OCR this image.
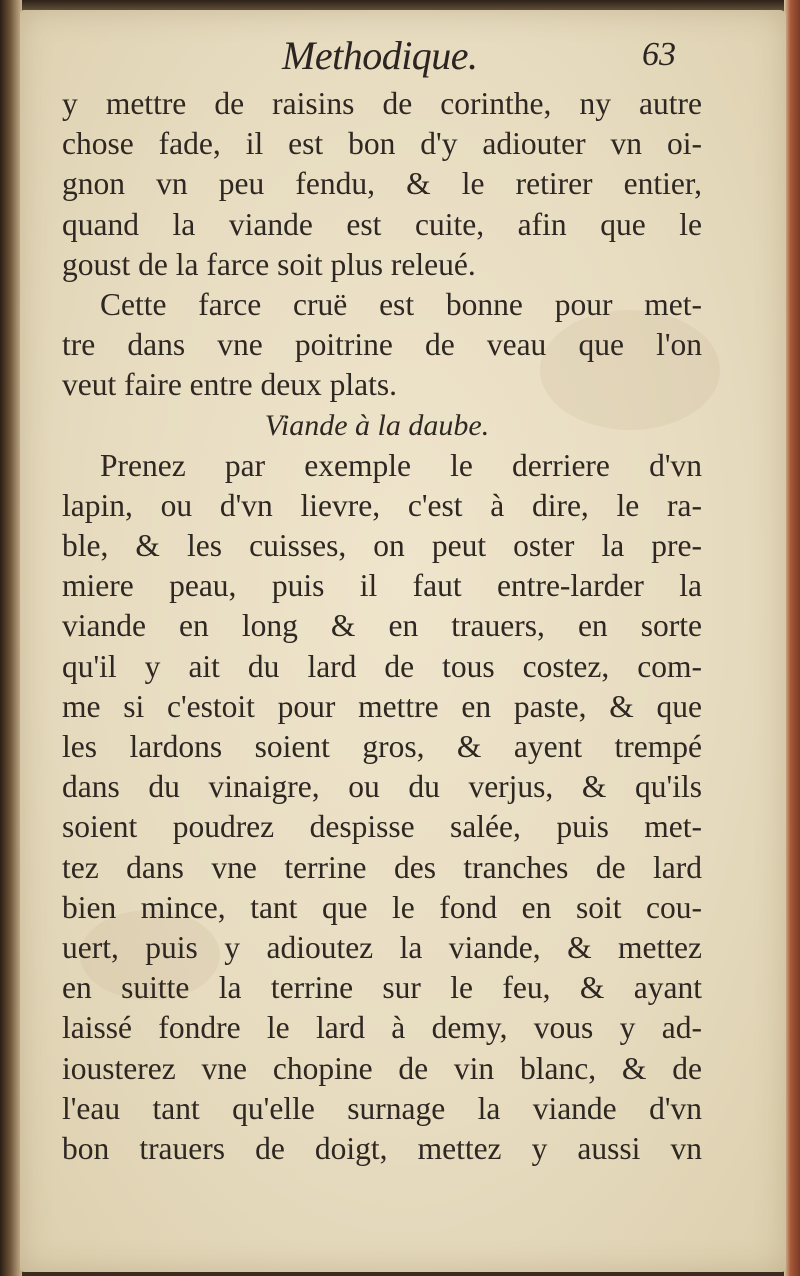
Methodique.	63
y mettre de raisins de corinthe, ny autre
chose fade, il est bon d'y adiouter vn oi-
gnon vn peu fendu, & le retirer entier,
quand la viande est cuite, afin que le
goust de la farce soit plus releué.
Cette farce cruë est bonne pour met-
tre dans vne poitrine de veau que l'on
veut faire entre deux plats.
Viande à la daube.
Prenez par exemple le derriere d'vn
lapin, ou d'vn lievre, c'est à dire, le ra-
ble, & les cuisses, on peut oster la pre-
miere peau, puis il faut entre-larder la
viande en long & en trauers, en sorte
qu'il y ait du lard de tous costez, com-
me si c'estoit pour mettre en paste, & que
les lardons soient gros, & ayent trempé
dans du vinaigre, ou du verjus, & qu'ils
soient poudrez despisse salée, puis met-
tez dans vne terrine des tranches de lard
bien mince, tant que le fond en soit cou-
uert, puis y adioutez la viande, & mettez
en suitte la terrine sur le feu, & ayant
laissé fondre le lard à demy, vous y ad-
iousterez vne chopine de vin blanc, & de
l'eau tant qu'elle surnage la viande d'vn
bon trauers de doigt, mettez y aussi vn
